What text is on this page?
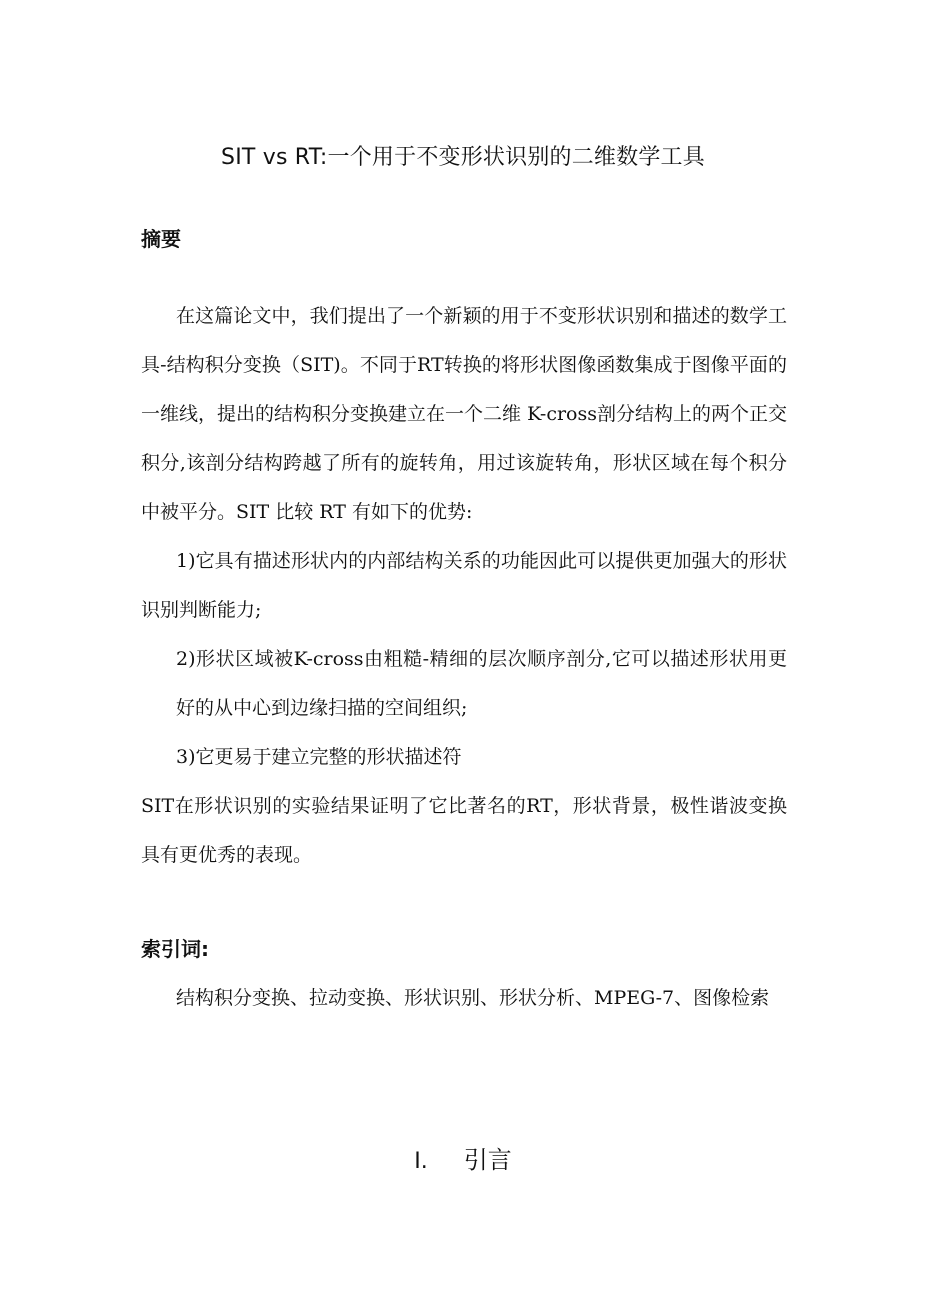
SIT vs RT:一个用于不变形状识别的二维数学工具
摘要

在这篇论文中，我们提出了一个新颖的用于不变形状识别和描述的数学工具-结构积分变换（SIT)。不同于RT转换的将形状图像函数集成于图像平面的一维线，提出的结构积分变换建立在一个二维 K-cross剖分结构上的两个正交积分,该剖分结构跨越了所有的旋转角，用过该旋转角，形状区域在每个积分中被平分。SIT 比较 RT 有如下的优势:

1)它具有描述形状内的内部结构关系的功能因此可以提供更加强大的形状识别判断能力;

2)形状区域被K-cross由粗糙-精细的层次顺序剖分,它可以描述形状用更好的从中心到边缘扫描的空间组织;

3)它更易于建立完整的形状描述符

SIT在形状识别的实验结果证明了它比著名的RT，形状背景，极性谐波变换具有更优秀的表现。

索引词:

结构积分变换、拉动变换、形状识别、形状分析、MPEG-7、图像检索

I. 引言
